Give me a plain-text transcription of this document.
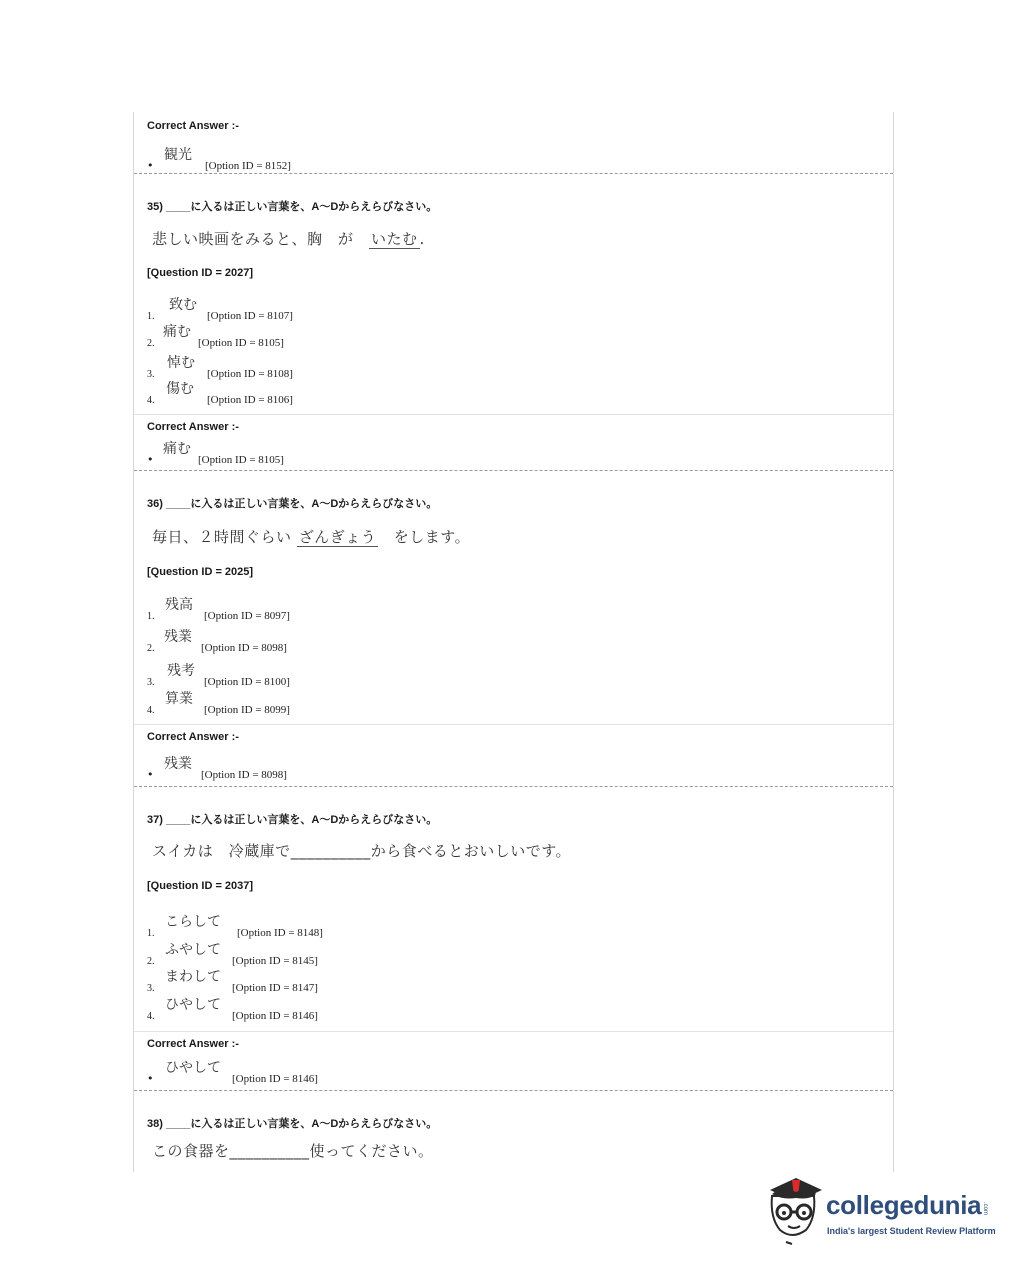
Correct Answer :-
•
観光
[Option ID = 8152]
35) ____に入るは正しい言葉を、A～Dからえらびなさい。
悲しい映画をみると、胸　が　いたむ .
[Question ID = 2027]
1.
致む
[Option ID = 8107]
2.
痛む
[Option ID = 8105]
3.
悼む
[Option ID = 8108]
4.
傷む
[Option ID = 8106]
Correct Answer :-
•
痛む
[Option ID = 8105]
36) ____に入るは正しい言葉を、A～Dからえらびなさい。
毎日、２時間ぐらい ざんぎょう　をします。
[Question ID = 2025]
1.
残高
[Option ID = 8097]
2.
残業
[Option ID = 8098]
3.
残考
[Option ID = 8100]
4.
算業
[Option ID = 8099]
Correct Answer :-
•
残業
[Option ID = 8098]
37) ____に入るは正しい言葉を、A～Dからえらびなさい。
スイカは　冷蔵庫で__________から食べるとおいしいです。
[Question ID = 2037]
1.
こらして
[Option ID = 8148]
2.
ふやして
[Option ID = 8145]
3.
まわして
[Option ID = 8147]
4.
ひやして
[Option ID = 8146]
Correct Answer :-
•
ひやして
[Option ID = 8146]
38) ____に入るは正しい言葉を、A～Dからえらびなさい。
この食器を__________使ってください。
collegedunia .com
India's largest Student Review Platform
